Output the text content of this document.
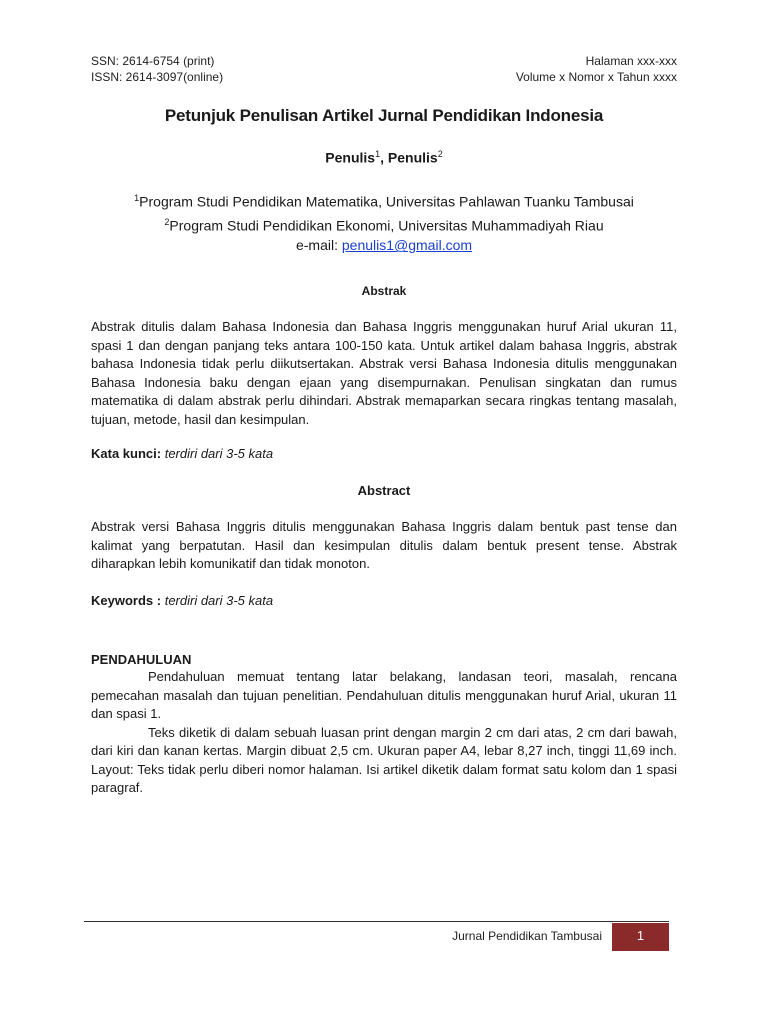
SSN: 2614-6754 (print)
ISSN: 2614-3097(online)
Halaman xxx-xxx
Volume x Nomor x Tahun xxxx
Petunjuk Penulisan Artikel Jurnal Pendidikan Indonesia
Penulis$^1$, Penulis$^2$
$^1$Program Studi Pendidikan Matematika, Universitas Pahlawan Tuanku Tambusai
$^2$Program Studi Pendidikan Ekonomi, Universitas Muhammadiyah Riau
e-mail: penulis1@gmail.com
Abstrak
Abstrak ditulis dalam Bahasa Indonesia dan Bahasa Inggris menggunakan huruf Arial ukuran 11, spasi 1 dan dengan panjang teks antara 100-150 kata. Untuk artikel dalam bahasa Inggris, abstrak bahasa Indonesia tidak perlu diikutsertakan. Abstrak versi Bahasa Indonesia ditulis menggunakan Bahasa Indonesia baku dengan ejaan yang disempurnakan. Penulisan singkatan dan rumus matematika di dalam abstrak perlu dihindari. Abstrak memaparkan secara ringkas tentang masalah, tujuan, metode, hasil dan kesimpulan.
Kata kunci: terdiri dari 3-5 kata
Abstract
Abstrak versi Bahasa Inggris ditulis menggunakan Bahasa Inggris dalam bentuk past tense dan kalimat yang berpatutan. Hasil dan kesimpulan ditulis dalam bentuk present tense. Abstrak diharapkan lebih komunikatif dan tidak monoton.
Keywords : terdiri dari 3-5 kata
PENDAHULUAN

Pendahuluan memuat tentang latar belakang, landasan teori, masalah, rencana pemecahan masalah dan tujuan penelitian. Pendahuluan ditulis menggunakan huruf Arial, ukuran 11 dan spasi 1.

Teks diketik di dalam sebuah luasan print dengan margin 2 cm dari atas, 2 cm dari bawah, dari kiri dan kanan kertas. Margin dibuat 2,5 cm. Ukuran paper A4, lebar 8,27 inch, tinggi 11,69 inch. Layout: Teks tidak perlu diberi nomor halaman. Isi artikel diketik dalam format satu kolom dan 1 spasi paragraf.

Jurnal Pendidikan Tambusai	1
